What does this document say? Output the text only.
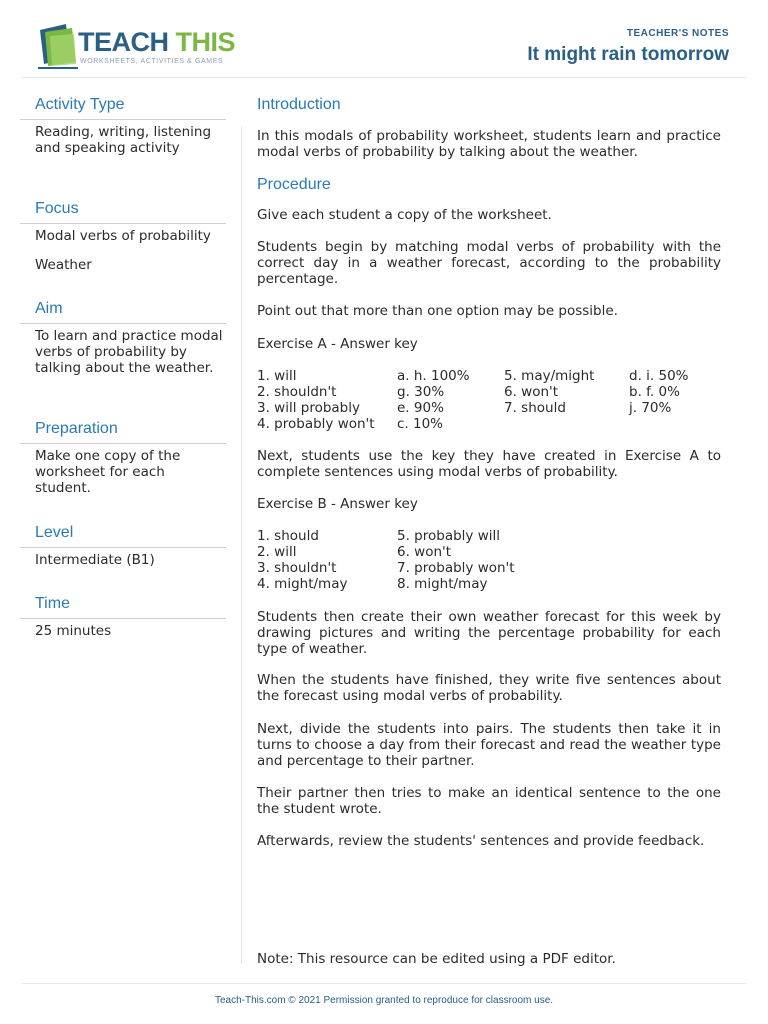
TEACH THIS
WORKSHEETS, ACTIVITIES & GAMES
TEACHER'S NOTES
It might rain tomorrow
Activity Type
Reading, writing, listening and speaking activity
Focus
Modal verbs of probability
Weather
Aim
To learn and practice modal verbs of probability by talking about the weather.
Preparation
Make one copy of the worksheet for each student.
Level
Intermediate (B1)
Time
25 minutes
Introduction
In this modals of probability worksheet, students learn and practice modal verbs of probability by talking about the weather.
Procedure
Give each student a copy of the worksheet.
Students begin by matching modal verbs of probability with the correct day in a weather forecast, according to the probability percentage.
Point out that more than one option may be possible.
Exercise A - Answer key
1. will
2. shouldn't
3. will probably
4. probably won't
a. h. 100%
g. 30%
e. 90%
c. 10%
5. may/might
6. won't
7. should
d. i. 50%
b. f. 0%
j. 70%
Next, students use the key they have created in Exercise A to complete sentences using modal verbs of probability.
Exercise B - Answer key
1. should
2. will
3. shouldn't
4. might/may
5. probably will
6. won't
7. probably won't
8. might/may
Students then create their own weather forecast for this week by drawing pictures and writing the percentage probability for each type of weather.
When the students have finished, they write five sentences about the forecast using modal verbs of probability.
Next, divide the students into pairs. The students then take it in turns to choose a day from their forecast and read the weather type and percentage to their partner.
Their partner then tries to make an identical sentence to the one the student wrote.
Afterwards, review the students' sentences and provide feedback.
Note: This resource can be edited using a PDF editor.
Teach-This.com © 2021 Permission granted to reproduce for classroom use.
